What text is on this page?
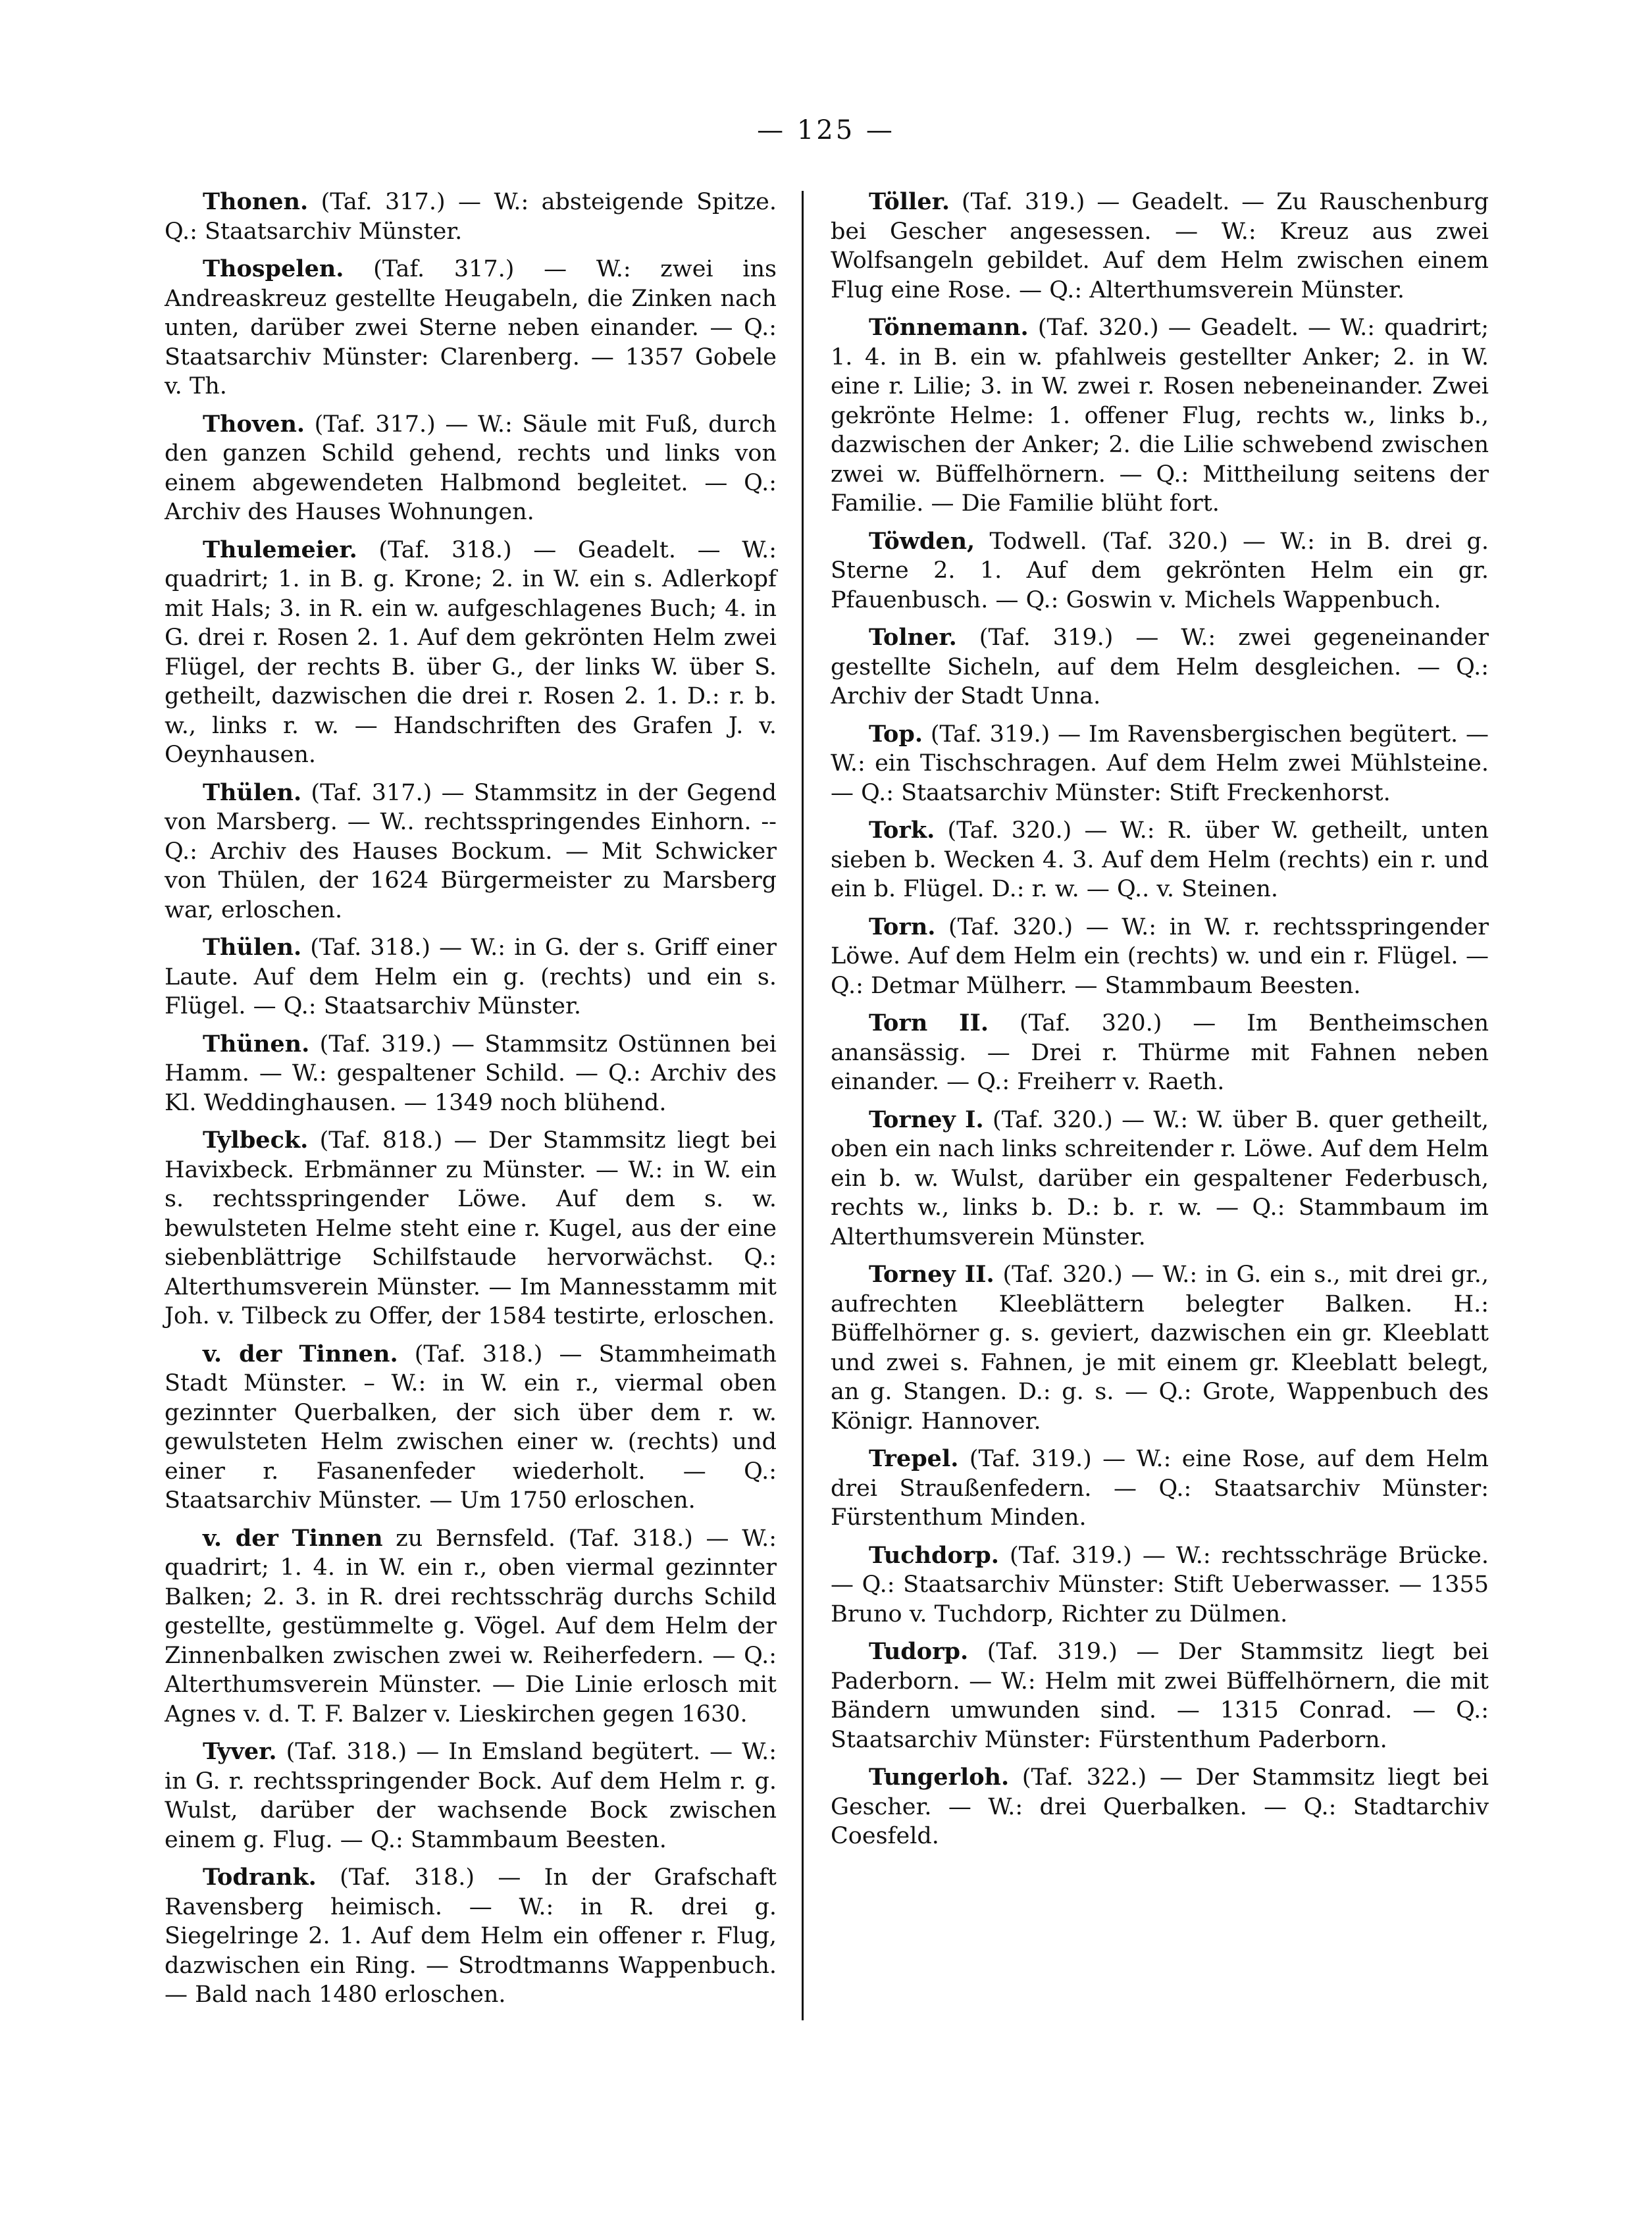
— 125 —

Thonen. (Taf. 317.) — W.: absteigende Spitze. Q.: Staatsarchiv Münster.

Thospelen. (Taf. 317.) — W.: zwei ins Andreaskreuz gestellte Heugabeln, die Zinken nach unten, darüber zwei Sterne neben einander. — Q.: Staatsarchiv Münster: Clarenberg. — 1357 Gobele v. Th.

Thoven. (Taf. 317.) — W.: Säule mit Fuß, durch den ganzen Schild gehend, rechts und links von einem abgewendeten Halbmond begleitet. — Q.: Archiv des Hauses Wohnungen.

Thulemeier. (Taf. 318.) — Geadelt. — W.: quadrirt; 1. in B. g. Krone; 2. in W. ein s. Adlerkopf mit Hals; 3. in R. ein w. aufgeschlagenes Buch; 4. in G. drei r. Rosen 2. 1. Auf dem gekrönten Helm zwei Flügel, der rechts B. über G., der links W. über S. getheilt, dazwischen die drei r. Rosen 2. 1. D.: r. b. w., links r. w. — Handschriften des Grafen J. v. Oeynhausen.

Thülen. (Taf. 317.) — Stammsitz in der Gegend von Marsberg. — W.. rechtsspringendes Einhorn. -- Q.: Archiv des Hauses Bockum. — Mit Schwicker von Thülen, der 1624 Bürgermeister zu Marsberg war, erloschen.

Thülen. (Taf. 318.) — W.: in G. der s. Griff einer Laute. Auf dem Helm ein g. (rechts) und ein s. Flügel. — Q.: Staatsarchiv Münster.

Thünen. (Taf. 319.) — Stammsitz Ostünnen bei Hamm. — W.: gespaltener Schild. — Q.: Archiv des Kl. Weddinghausen. — 1349 noch blühend.

Tylbeck. (Taf. 818.) — Der Stammsitz liegt bei Havixbeck. Erbmänner zu Münster. — W.: in W. ein s. rechtsspringender Löwe. Auf dem s. w. bewulsteten Helme steht eine r. Kugel, aus der eine siebenblättrige Schilfstaude hervorwächst. Q.: Alterthumsverein Münster. — Im Mannesstamm mit Joh. v. Tilbeck zu Offer, der 1584 testirte, erloschen.

v. der Tinnen. (Taf. 318.) — Stammheimath Stadt Münster. – W.: in W. ein r., viermal oben gezinnter Querbalken, der sich über dem r. w. gewulsteten Helm zwischen einer w. (rechts) und einer r. Fasanenfeder wiederholt. — Q.: Staatsarchiv Münster. — Um 1750 erloschen.

v. der Tinnen zu Bernsfeld. (Taf. 318.) — W.: quadrirt; 1. 4. in W. ein r., oben viermal gezinnter Balken; 2. 3. in R. drei rechtsschräg durchs Schild gestellte, gestümmelte g. Vögel. Auf dem Helm der Zinnenbalken zwischen zwei w. Reiherfedern. — Q.: Alterthumsverein Münster. — Die Linie erlosch mit Agnes v. d. T. F. Balzer v. Lieskirchen gegen 1630.

Tyver. (Taf. 318.) — In Emsland begütert. — W.: in G. r. rechtsspringender Bock. Auf dem Helm r. g. Wulst, darüber der wachsende Bock zwischen einem g. Flug. — Q.: Stammbaum Beesten.

Todrank. (Taf. 318.) — In der Grafschaft Ravensberg heimisch. — W.: in R. drei g. Siegelringe 2. 1. Auf dem Helm ein offener r. Flug, dazwischen ein Ring. — Strodtmanns Wappenbuch. — Bald nach 1480 erloschen.

Töller. (Taf. 319.) — Geadelt. — Zu Rauschenburg bei Gescher angesessen. — W.: Kreuz aus zwei Wolfsangeln gebildet. Auf dem Helm zwischen einem Flug eine Rose. — Q.: Alterthumsverein Münster.

Tönnemann. (Taf. 320.) — Geadelt. — W.: quadrirt; 1. 4. in B. ein w. pfahlweis gestellter Anker; 2. in W. eine r. Lilie; 3. in W. zwei r. Rosen nebeneinander. Zwei gekrönte Helme: 1. offener Flug, rechts w., links b., dazwischen der Anker; 2. die Lilie schwebend zwischen zwei w. Büffelhörnern. — Q.: Mittheilung seitens der Familie. — Die Familie blüht fort.

Töwden, Todwell. (Taf. 320.) — W.: in B. drei g. Sterne 2. 1. Auf dem gekrönten Helm ein gr. Pfauenbusch. — Q.: Goswin v. Michels Wappenbuch.

Tolner. (Taf. 319.) — W.: zwei gegeneinander gestellte Sicheln, auf dem Helm desgleichen. — Q.: Archiv der Stadt Unna.

Top. (Taf. 319.) — Im Ravensbergischen begütert. — W.: ein Tischschragen. Auf dem Helm zwei Mühlsteine. — Q.: Staatsarchiv Münster: Stift Freckenhorst.

Tork. (Taf. 320.) — W.: R. über W. getheilt, unten sieben b. Wecken 4. 3. Auf dem Helm (rechts) ein r. und ein b. Flügel. D.: r. w. — Q.. v. Steinen.

Torn. (Taf. 320.) — W.: in W. r. rechtsspringender Löwe. Auf dem Helm ein (rechts) w. und ein r. Flügel. — Q.: Detmar Mülherr. — Stammbaum Beesten.

Torn II. (Taf. 320.) — Im Bentheimschen anansässig. — Drei r. Thürme mit Fahnen neben einander. — Q.: Freiherr v. Raeth.

Torney I. (Taf. 320.) — W.: W. über B. quer getheilt, oben ein nach links schreitender r. Löwe. Auf dem Helm ein b. w. Wulst, darüber ein gespaltener Federbusch, rechts w., links b. D.: b. r. w. — Q.: Stammbaum im Alterthumsverein Münster.

Torney II. (Taf. 320.) — W.: in G. ein s., mit drei gr., aufrechten Kleeblättern belegter Balken. H.: Büffelhörner g. s. geviert, dazwischen ein gr. Kleeblatt und zwei s. Fahnen, je mit einem gr. Kleeblatt belegt, an g. Stangen. D.: g. s. — Q.: Grote, Wappenbuch des Königr. Hannover.

Trepel. (Taf. 319.) — W.: eine Rose, auf dem Helm drei Straußenfedern. — Q.: Staatsarchiv Münster: Fürstenthum Minden.

Tuchdorp. (Taf. 319.) — W.: rechtsschräge Brücke. — Q.: Staatsarchiv Münster: Stift Ueberwasser. — 1355 Bruno v. Tuchdorp, Richter zu Dülmen.

Tudorp. (Taf. 319.) — Der Stammsitz liegt bei Paderborn. — W.: Helm mit zwei Büffelhörnern, die mit Bändern umwunden sind. — 1315 Conrad. — Q.: Staatsarchiv Münster: Fürstenthum Paderborn.

Tungerloh. (Taf. 322.) — Der Stammsitz liegt bei Gescher. — W.: drei Querbalken. — Q.: Stadtarchiv Coesfeld.
